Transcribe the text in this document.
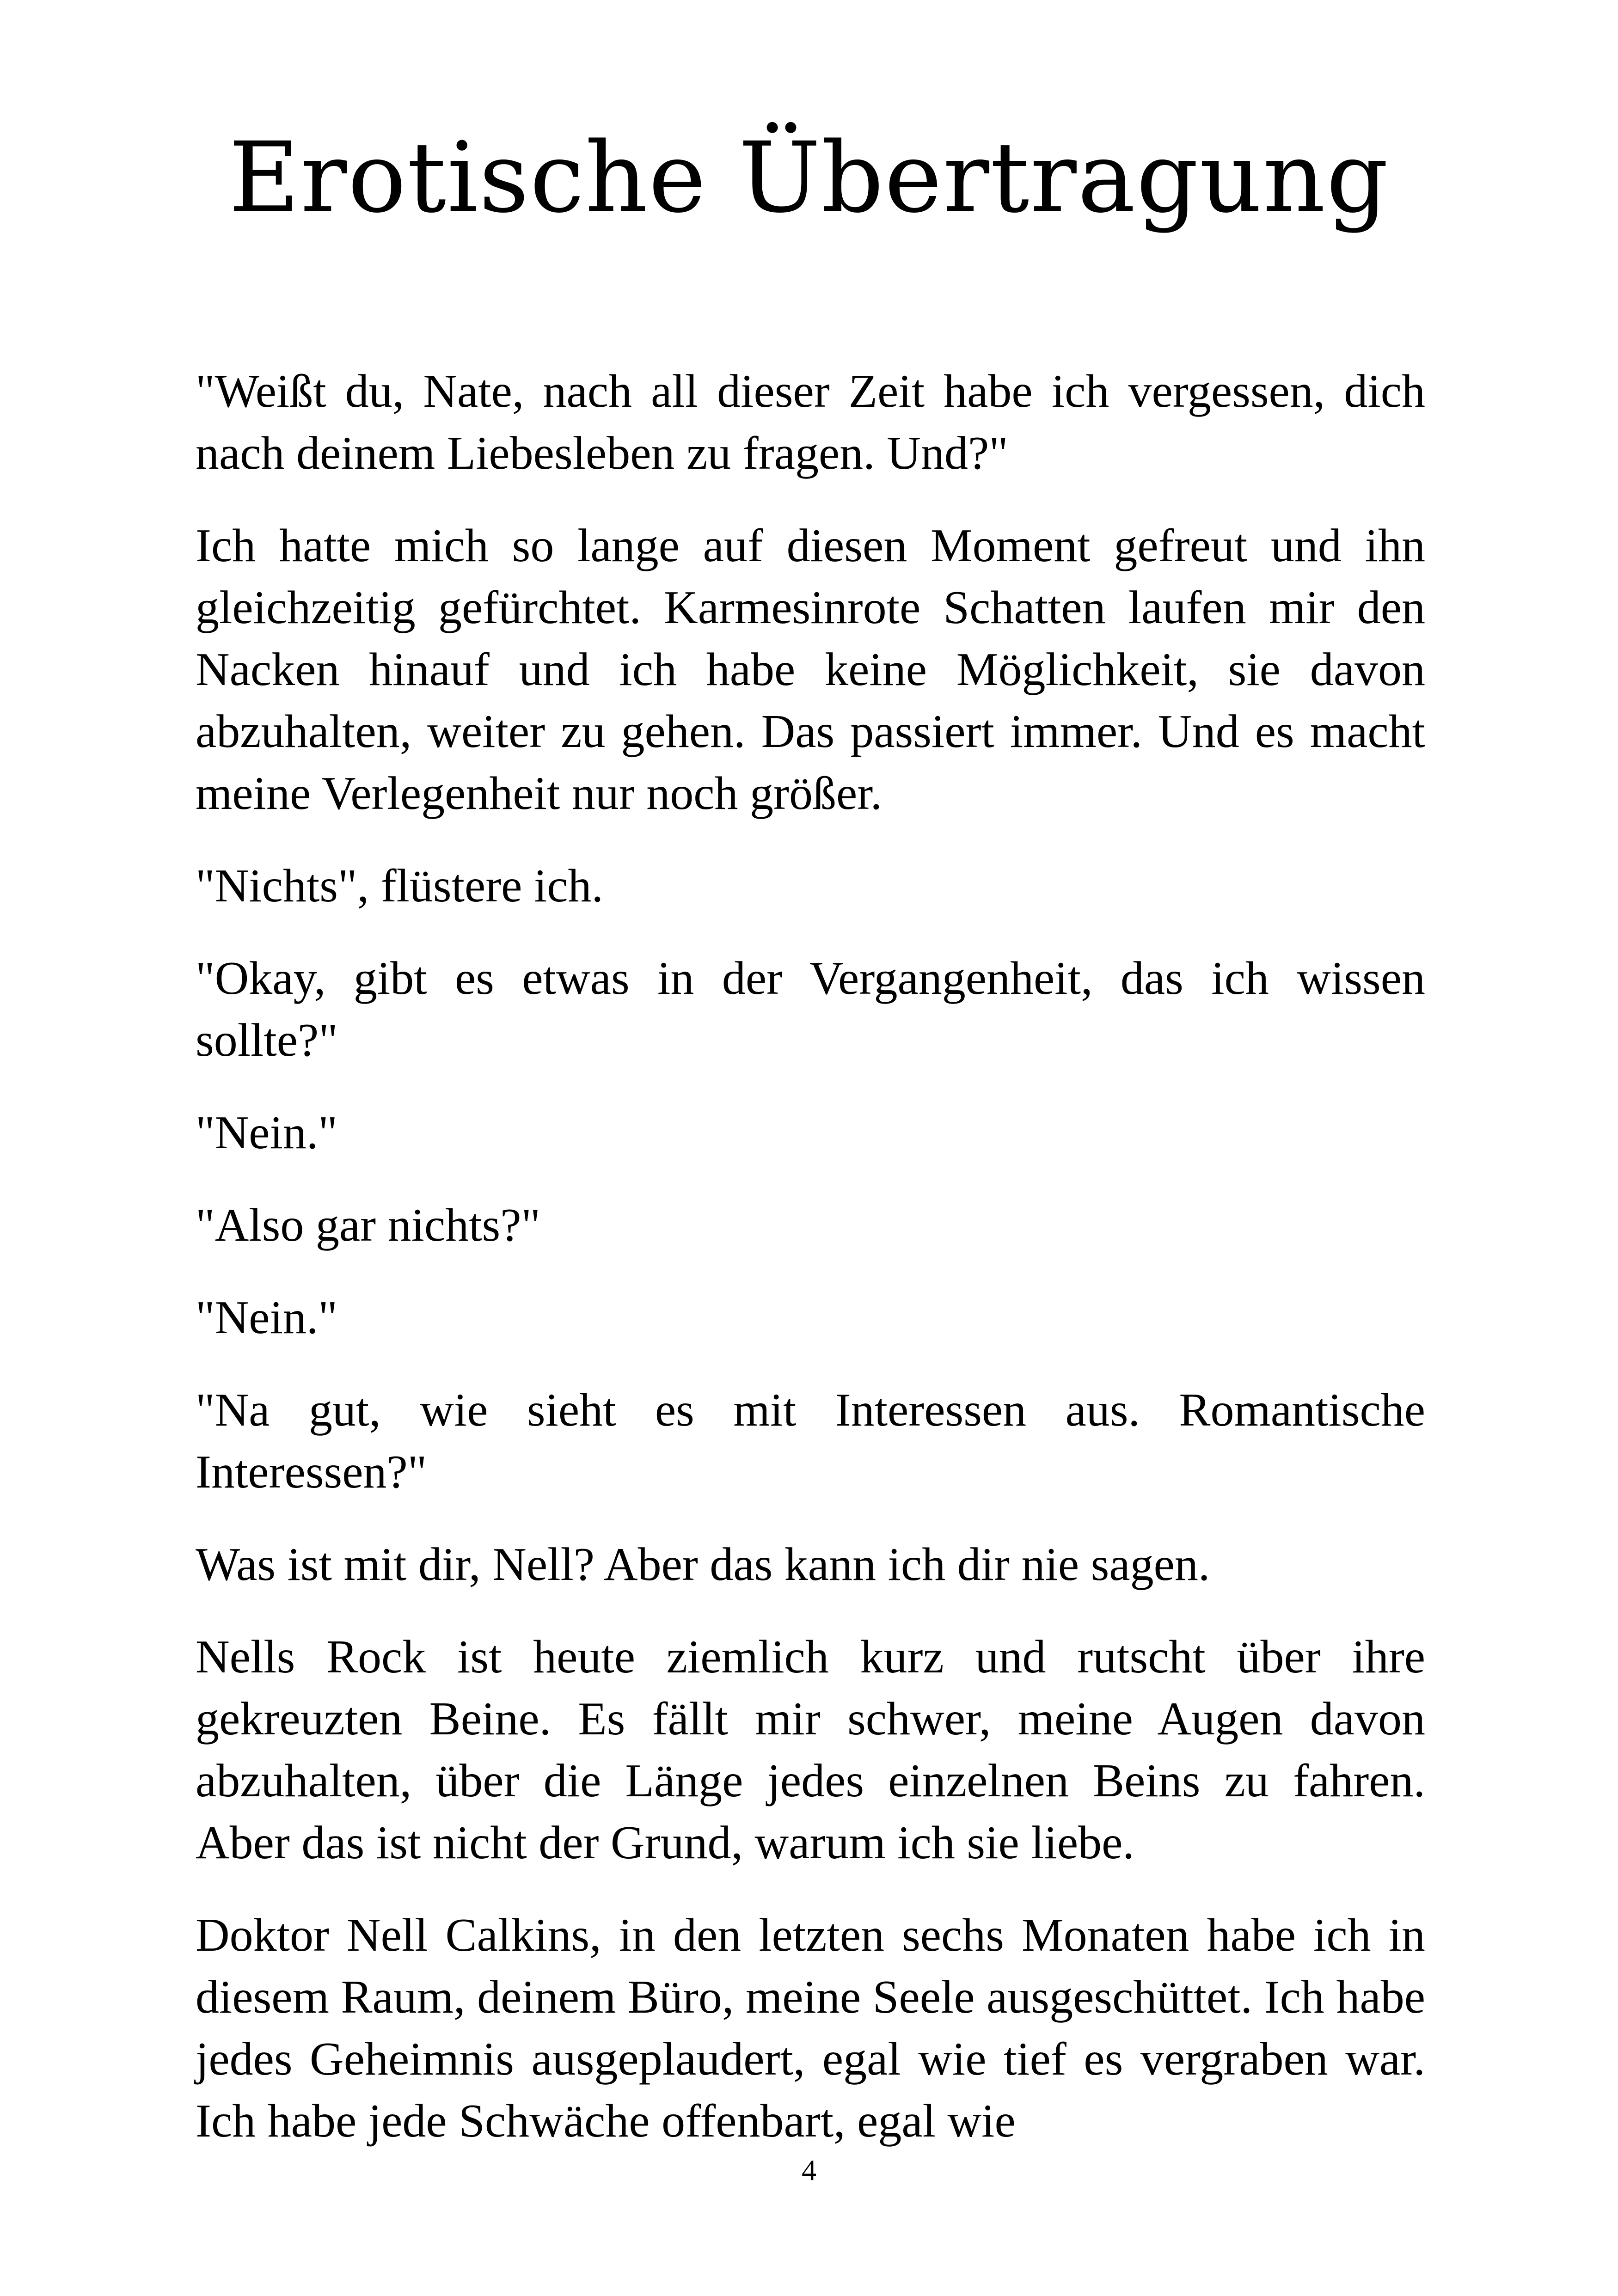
Erotische Übertragung

"Weißt du, Nate, nach all dieser Zeit habe ich vergessen, dich nach deinem Liebesleben zu fragen. Und?"

Ich hatte mich so lange auf diesen Moment gefreut und ihn gleichzeitig gefürchtet. Karmesinrote Schatten laufen mir den Nacken hinauf und ich habe keine Möglichkeit, sie davon abzuhalten, weiter zu gehen. Das passiert immer. Und es macht meine Verlegenheit nur noch größer.

"Nichts", flüstere ich.

"Okay, gibt es etwas in der Vergangenheit, das ich wissen sollte?"

"Nein."

"Also gar nichts?"

"Nein."

"Na gut, wie sieht es mit Interessen aus. Romantische Interessen?"

Was ist mit dir, Nell? Aber das kann ich dir nie sagen.

Nells Rock ist heute ziemlich kurz und rutscht über ihre gekreuzten Beine. Es fällt mir schwer, meine Augen davon abzuhalten, über die Länge jedes einzelnen Beins zu fahren. Aber das ist nicht der Grund, warum ich sie liebe.

Doktor Nell Calkins, in den letzten sechs Monaten habe ich in diesem Raum, deinem Büro, meine Seele ausgeschüttet. Ich habe jedes Geheimnis ausgeplaudert, egal wie tief es vergraben war. Ich habe jede Schwäche offenbart, egal wie

4
